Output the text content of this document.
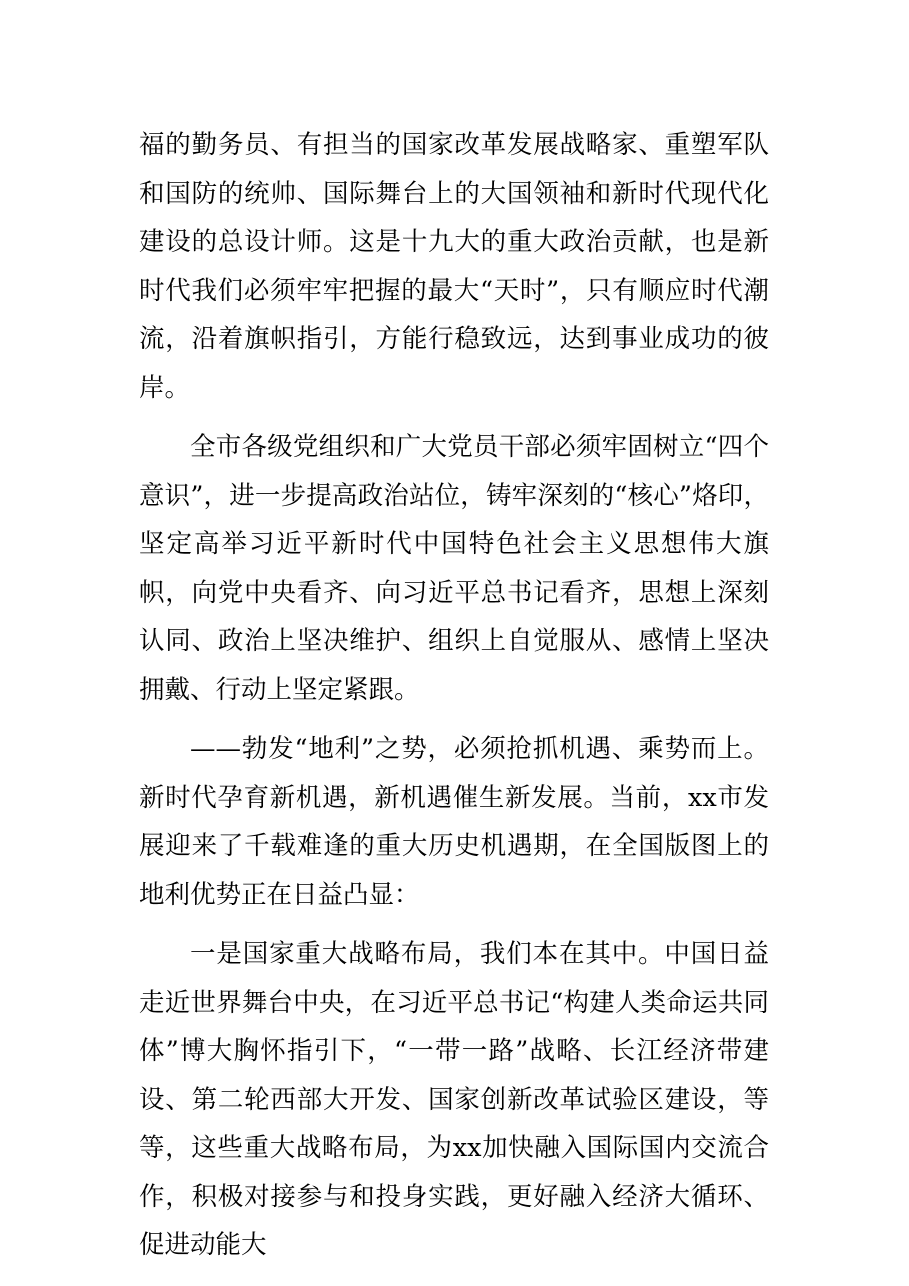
福的勤务员、有担当的国家改革发展战略家、重塑军队和国防的统帅、国际舞台上的大国领袖和新时代现代化建设的总设计师。这是十九大的重大政治贡献，也是新时代我们必须牢牢把握的最大“天时”，只有顺应时代潮流，沿着旗帜指引，方能行稳致远，达到事业成功的彼岸。

全市各级党组织和广大党员干部必须牢固树立“四个意识”，进一步提高政治站位，铸牢深刻的“核心”烙印，坚定高举习近平新时代中国特色社会主义思想伟大旗帜，向党中央看齐、向习近平总书记看齐，思想上深刻认同、政治上坚决维护、组织上自觉服从、感情上坚决拥戴、行动上坚定紧跟。

——勃发“地利”之势，必须抢抓机遇、乘势而上。新时代孕育新机遇，新机遇催生新发展。当前，xx市发展迎来了千载难逢的重大历史机遇期，在全国版图上的地利优势正在日益凸显：

一是国家重大战略布局，我们本在其中。中国日益走近世界舞台中央，在习近平总书记“构建人类命运共同体”博大胸怀指引下，“一带一路”战略、长江经济带建设、第二轮西部大开发、国家创新改革试验区建设，等等，这些重大战略布局，为xx加快融入国际国内交流合作，积极对接参与和投身实践，更好融入经济大循环、促进动能大
